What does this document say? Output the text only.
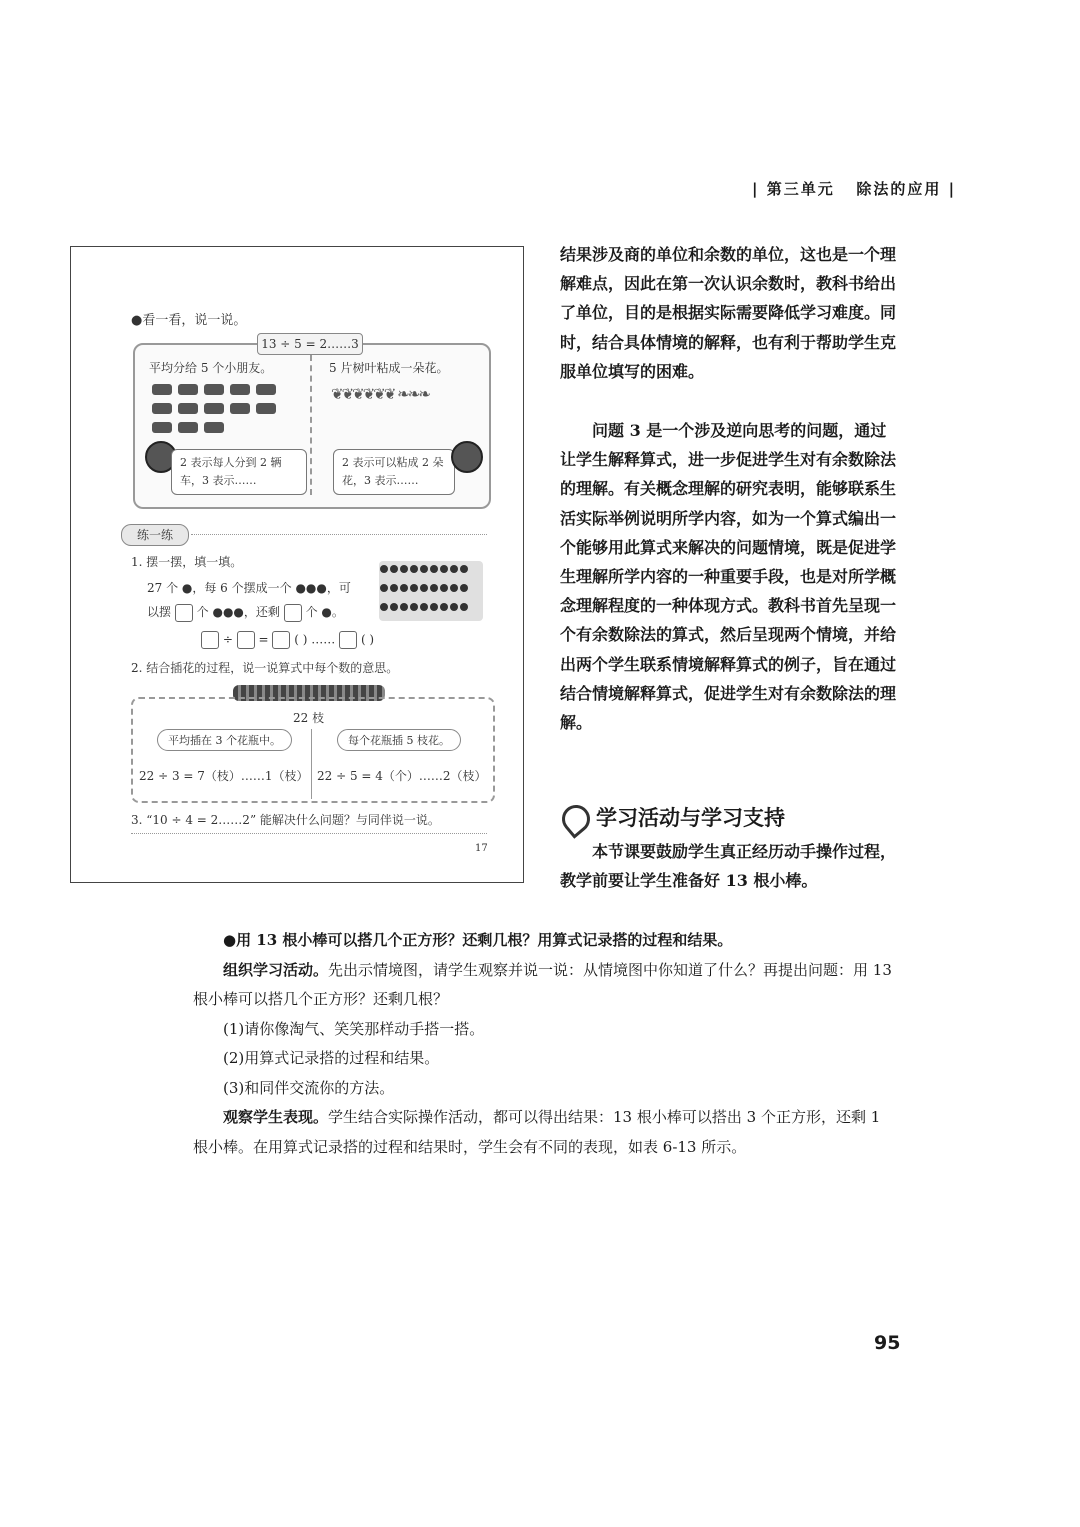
| 第三单元 除法的应用 |
●看一看，说一说。
平均分给 5 个小朋友。	5 片树叶粘成一朵花。

❦❦❦❦❦❦ ❧❧❧
2 表示每人分到 2 辆车，3 表示……
2 表示可以粘成 2 朵花，3 表示……
13 ÷ 5 = 2……3
练一练
1. 摆一摆，填一填。
27 个 ●，每 6 个摆成一个 ●●●，可
以摆 个 ●●●，还剩 个 ●。

÷ = ( ) …… ( )
2. 结合插花的过程，说一说算式中每个数的意思。
22 枝
平均插在 3 个花瓶中。	每个花瓶插 5 枝花。
22 ÷ 3 = 7（枝）……1（枝） 22 ÷ 5 = 4（个）……2（枝）
3. “10 ÷ 4 = 2……2” 能解决什么问题？与同伴说一说。
17
结果涉及商的单位和余数的单位，这也是一个理解难点，因此在第一次认识余数时，教科书给出了单位，目的是根据实际需要降低学习难度。同时，结合具体情境的解释，也有利于帮助学生克服单位填写的困难。
问题 3 是一个涉及逆向思考的问题，通过让学生解释算式，进一步促进学生对有余数除法的理解。有关概念理解的研究表明，能够联系生活实际举例说明所学内容，如为一个算式编出一个能够用此算式来解决的问题情境，既是促进学生理解所学内容的一种重要手段，也是对所学概念理解程度的一种体现方式。教科书首先呈现一个有余数除法的算式，然后呈现两个情境，并给出两个学生联系情境解释算式的例子，旨在通过结合情境解释算式，促进学生对有余数除法的理解。
学习活动与学习支持
本节课要鼓励学生真正经历动手操作过程，教学前要让学生准备好 13 根小棒。

●用 13 根小棒可以搭几个正方形？还剩几根？用算式记录搭的过程和结果。

组织学习活动。先出示情境图，请学生观察并说一说：从情境图中你知道了什么？再提出问题：用 13 根小棒可以搭几个正方形？还剩几根？

(1)请你像淘气、笑笑那样动手搭一搭。

(2)用算式记录搭的过程和结果。

(3)和同伴交流你的方法。

观察学生表现。学生结合实际操作活动，都可以得出结果：13 根小棒可以搭出 3 个正方形，还剩 1 根小棒。在用算式记录搭的过程和结果时，学生会有不同的表现，如表 6-13 所示。

95
